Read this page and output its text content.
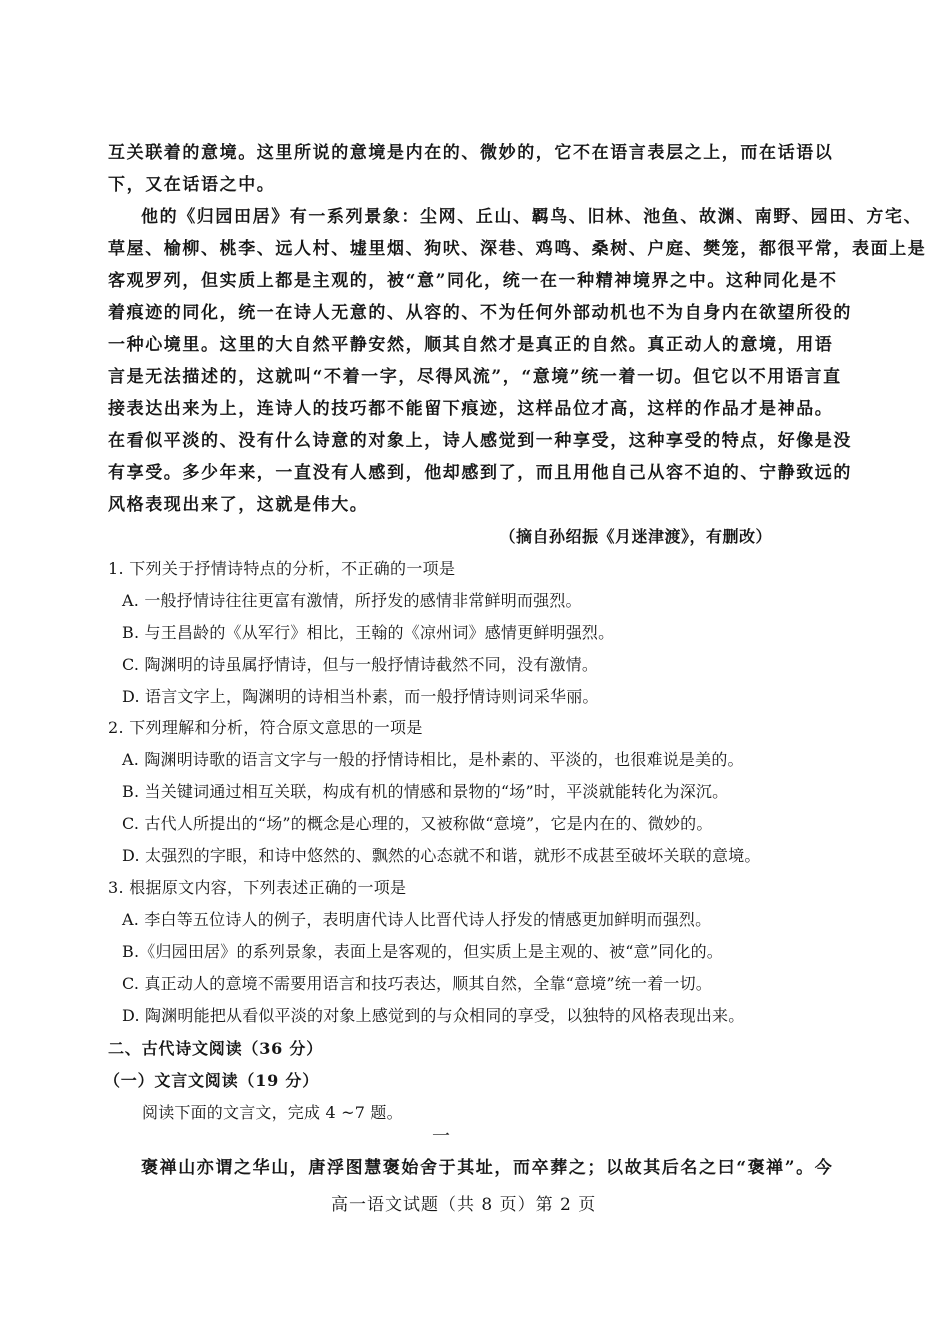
互关联着的意境。这里所说的意境是内在的、微妙的，它不在语言表层之上，而在话语以
下，又在话语之中。
他的《归园田居》有一系列景象：尘网、丘山、羁鸟、旧林、池鱼、故渊、南野、园田、方宅、
草屋、榆柳、桃李、远人村、墟里烟、狗吠、深巷、鸡鸣、桑树、户庭、樊笼，都很平常，表面上是
客观罗列，但实质上都是主观的，被“意”同化，统一在一种精神境界之中。这种同化是不
着痕迹的同化，统一在诗人无意的、从容的、不为任何外部动机也不为自身内在欲望所役的
一种心境里。这里的大自然平静安然，顺其自然才是真正的自然。真正动人的意境，用语
言是无法描述的，这就叫“不着一字，尽得风流”，“意境”统一着一切。但它以不用语言直
接表达出来为上，连诗人的技巧都不能留下痕迹，这样品位才高，这样的作品才是神品。
在看似平淡的、没有什么诗意的对象上，诗人感觉到一种享受，这种享受的特点，好像是没
有享受。多少年来，一直没有人感到，他却感到了，而且用他自己从容不迫的、宁静致远的
风格表现出来了，这就是伟大。
（摘自孙绍振《月迷津渡》，有删改）
1. 下列关于抒情诗特点的分析，不正确的一项是
A. 一般抒情诗往往更富有激情，所抒发的感情非常鲜明而强烈。
B. 与王昌龄的《从军行》相比，王翰的《凉州词》感情更鲜明强烈。
C. 陶渊明的诗虽属抒情诗，但与一般抒情诗截然不同，没有激情。
D. 语言文字上，陶渊明的诗相当朴素，而一般抒情诗则词采华丽。
2. 下列理解和分析，符合原文意思的一项是
A. 陶渊明诗歌的语言文字与一般的抒情诗相比，是朴素的、平淡的，也很难说是美的。
B. 当关键词通过相互关联，构成有机的情感和景物的“场”时，平淡就能转化为深沉。
C. 古代人所提出的“场”的概念是心理的，又被称做“意境”，它是内在的、微妙的。
D. 太强烈的字眼，和诗中悠然的、飘然的心态就不和谐，就形不成甚至破坏关联的意境。
3. 根据原文内容，下列表述正确的一项是
A. 李白等五位诗人的例子，表明唐代诗人比晋代诗人抒发的情感更加鲜明而强烈。
B.《归园田居》的系列景象，表面上是客观的，但实质上是主观的、被“意”同化的。
C. 真正动人的意境不需要用语言和技巧表达，顺其自然，全靠“意境”统一着一切。
D. 陶渊明能把从看似平淡的对象上感觉到的与众相同的享受，以独特的风格表现出来。
二、古代诗文阅读（36 分）
（一）文言文阅读（19 分）
阅读下面的文言文，完成 4 ~7 题。
一
褒禅山亦谓之华山，唐浮图慧褒始舍于其址，而卒葬之；以故其后名之曰“褒禅”。今
高一语文试题（共 8 页）第 2 页
